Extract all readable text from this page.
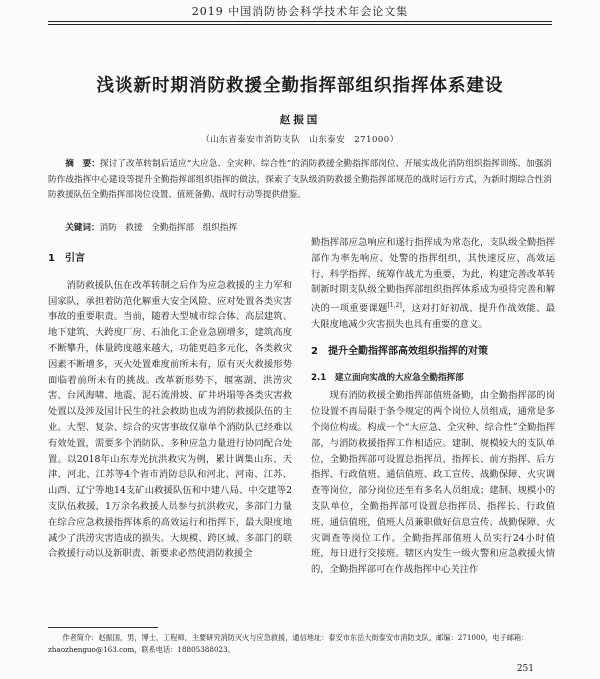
2019 中国消防协会科学技术年会论文集
浅谈新时期消防救援全勤指挥部组织指挥体系建设
赵振国
（山东省泰安市消防支队　山东泰安　271000）
摘　要：探讨了改革转制后适应“大应急、全灾种、综合性”的消防救援全勤指挥部岗位、开展实战化消防组织指挥训练、加强消防作战指挥中心建设等提升全勤指挥部组织指挥的做法，探索了支队级消防救援全勤指挥部规范的战时运行方式，为新时期综合性消防救援队伍全勤指挥部岗位设置、值班备勤、战时行动等提供借鉴。
关键词：消防　救援　全勤指挥部　组织指挥
1　引言

消防救援队伍在改革转制之后作为应急救援的主力军和国家队，承担着防范化解重大安全风险、应对处置各类灾害事故的重要职责。当前，随着大型城市综合体、高层建筑、地下建筑、大跨度厂房、石油化工企业急剧增多，建筑高度不断攀升，体量跨度越来越大，功能更趋多元化，各类救灾因素不断增多，灭火处置难度前所未有，原有灭火救援形势面临着前所未有的挑战。改革新形势下，堰塞湖、洪涝灾害、台风海啸、地震、泥石流滑坡、矿井坍塌等各类灾害救处置以及涉及国计民生的社会救助也成为消防救援队伍的主业。大型、复杂、综合的灾害事故仅靠单个消防队已经难以有效处置，需要多个消防队、多种应急力量进行协同配合处置。以2018年山东寿光抗洪救灾为例，累计调集山东、天津、河北、江苏等4个省市消防总队和河北、河南、江苏、山西、辽宁等地14支矿山救援队伍和中建八局、中交建等2支队伍救援，1万余名救援人员参与抗洪救灾，多部门力量在综合应急救援指挥体系的高效运行和指挥下，最大限度地减少了洪涝灾害造成的损失。大规模、跨区域、多部门的联合救援行动以及新职责、新要求必然使消防救援全

勤指挥部应急响应和遂行指挥成为常态化，支队级全勤指挥部作为率先响应、处警的指挥组织，其快速反应、高效运行、科学指挥、统筹作战尤为重要，为此，构建完善改革转制新时期支队级全勤指挥部组织指挥体系成为亟待完善和解决的一项重要课题[1,2]，这对打好初战、提升作战效能、最大限度地减少灾害损失也具有重要的意义。

2　提升全勤指挥部高效组织指挥的对策
2.1　建立面向实战的大应急全勤指挥部

现有消防救援全勤指挥部值班备勤，由全勤指挥部的岗位设置不再局限于条令规定的两个岗位人员组成，通常是多个岗位构成。构成一个“大应急、全灾种、综合性”全勤指挥部，与消防救援指挥工作相适应。建制、规模较大的支队单位，全勤指挥部可设置总指挥员、指挥长、前方指挥、后方指挥、行政值班、通信值班、政工宣传、战勤保障、火灾调查等岗位，部分岗位还至有多名人员组成；建制、规模小的支队单位，全勤指挥部可设置总指挥员、指挥长、行政值班、通信值班，值班人员兼职做好信息宣传、战勤保障、火灾调查等岗位工作。全勤指挥部值班人员实行24小时值班，每日进行交接班。辖区内发生一级火警和应急救援火情的，全勤指挥部可在作战指挥中心关注作

作者简介：赵振国，男，博士，工程师，主要研究消防灭火与应急救援，通信地址：泰安市东岳大街泰安市消防支队，邮编：271000，电子邮箱：zhaozhenguo@163.com，联系电话：18805388023。
251
